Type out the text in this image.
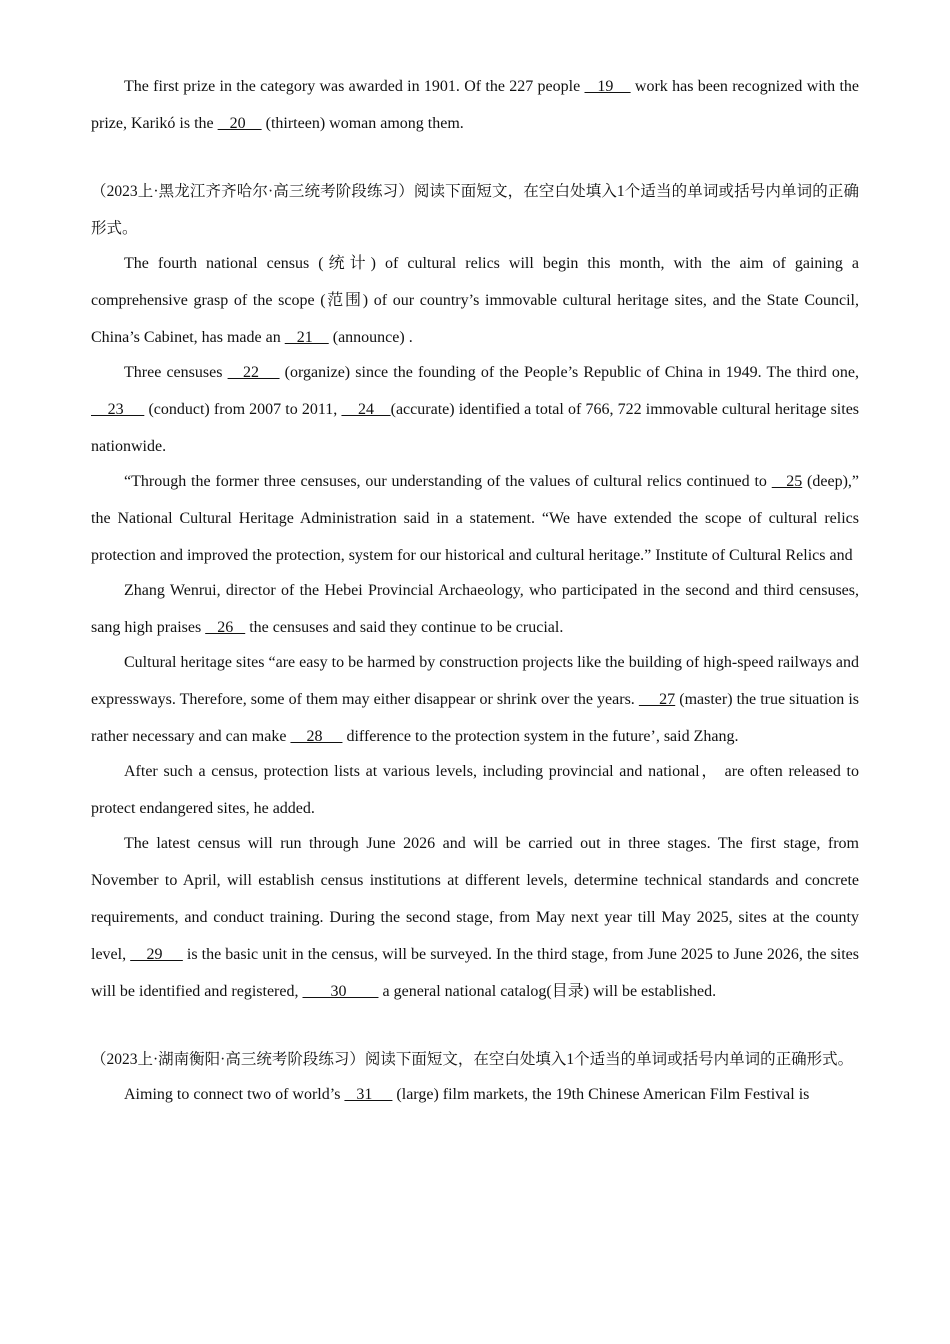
The first prize in the category was awarded in 1901. Of the 227 people    19     work has been recognized with the prize, Karikó is the    20     (thirteen) woman among them.

（2023上·黑龙江齐齐哈尔·高三统考阶段练习）阅读下面短文，在空白处填入1个适当的单词或括号内单词的正确形式。

The fourth national census (统计) of cultural relics will begin this month, with the aim of gaining a comprehensive grasp of the scope (范围) of our country’s immovable cultural heritage sites, and the State Council, China’s Cabinet, has made an    21     (announce) .

Three censuses    22     (organize) since the founding of the People’s Republic of China in 1949. The third one,     23      (conduct) from 2007 to 2011,     24    (accurate) identified a total of 766, 722 immovable cultural heritage sites nationwide.

“Through the former three censuses, our understanding of the values of cultural relics continued to    25 (deep),” the National Cultural Heritage Administration said in a statement. “We have extended the scope of cultural relics protection and improved the protection, system for our historical and cultural heritage.” Institute of Cultural Relics and

Zhang Wenrui, director of the Hebei Provincial Archaeology, who participated in the second and third censuses, sang high praises    26    the censuses and said they continue to be crucial.

Cultural heritage sites “are easy to be harmed by construction projects like the building of high-speed railways and expressways. Therefore, some of them may either disappear or shrink over the years.      27 (master) the true situation is rather necessary and can make     28      difference to the protection system in the future’, said Zhang.

After such a census, protection lists at various levels, including provincial and national， are often released to protect endangered sites, he added.

The latest census will run through June 2026 and will be carried out in three stages. The first stage, from November to April, will establish census institutions at different levels, determine technical standards and concrete requirements, and conduct training. During the second stage, from May next year till May 2025, sites at the county level,     29      is the basic unit in the census, will be surveyed. In the third stage, from June 2025 to June 2026, the sites will be identified and registered,        30         a general national catalog(目录) will be established.

（2023上·湖南衡阳·高三统考阶段练习）阅读下面短文，在空白处填入1个适当的单词或括号内单词的正确形式。

Aiming to connect two of world’s    31      (large) film markets, the 19th Chinese American Film Festival is
